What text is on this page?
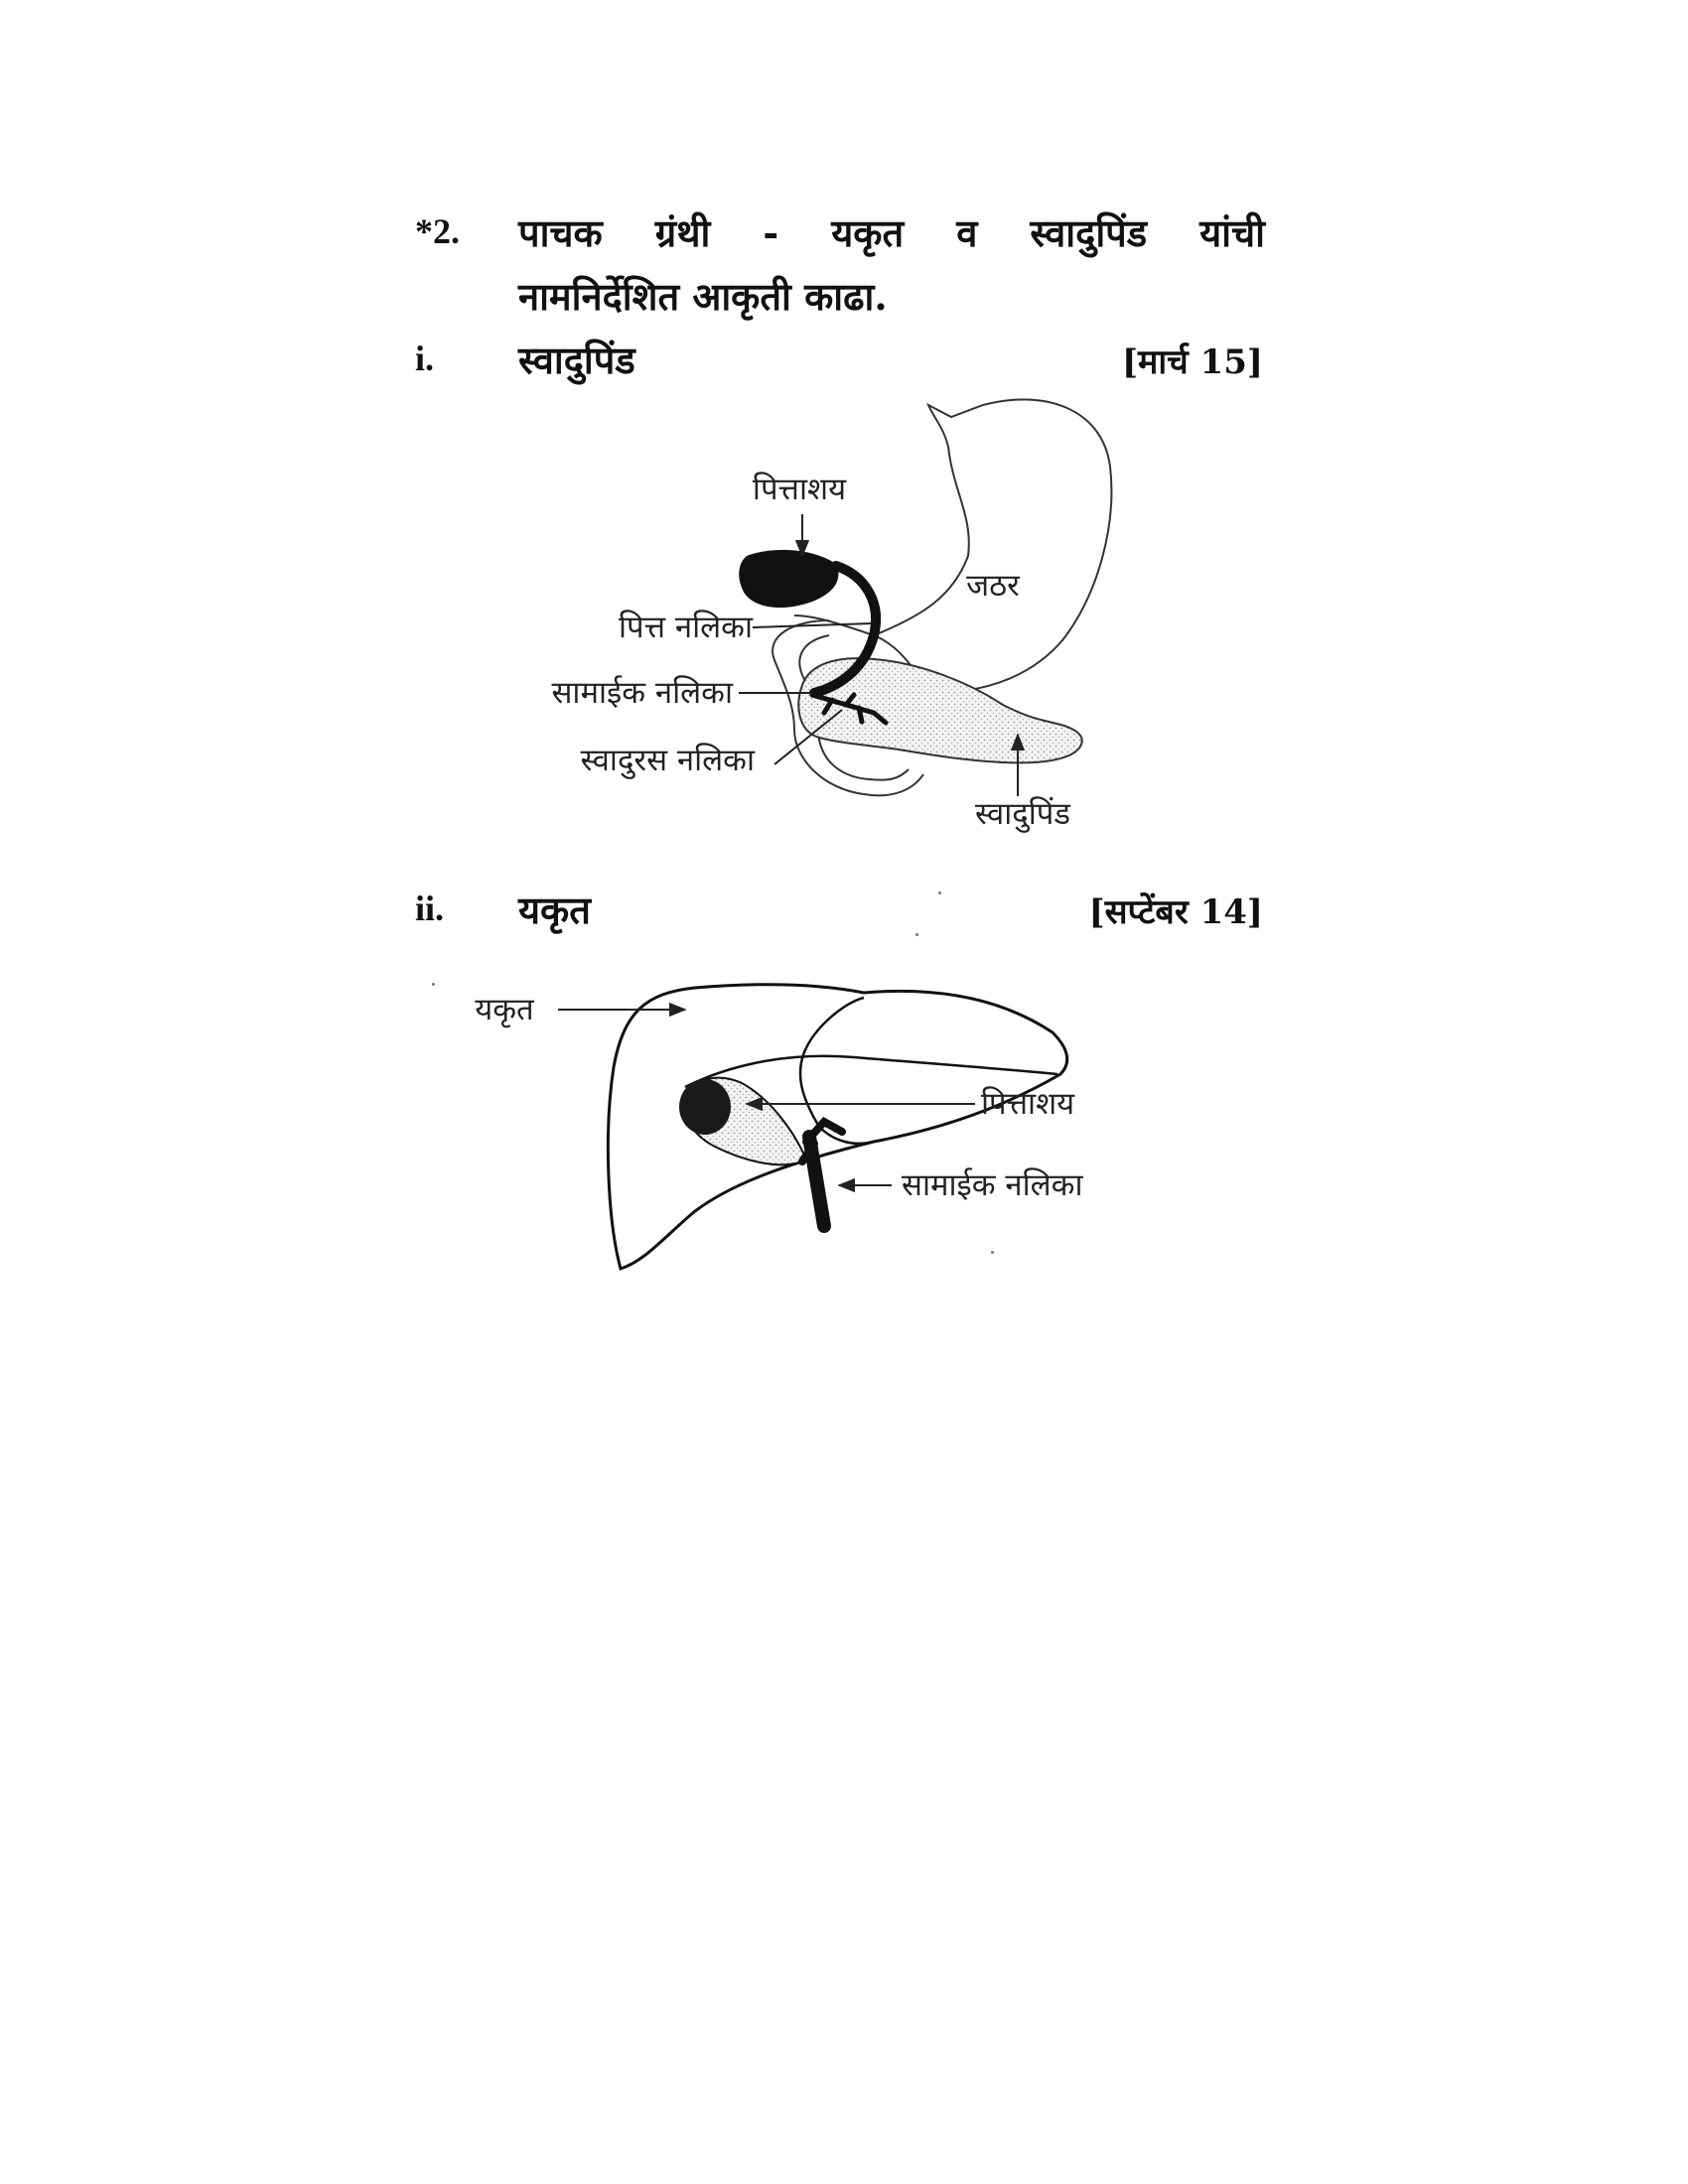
*2. पाचक ग्रंथी - यकृत व स्वादुपिंड यांची
नामनिर्देशित आकृती काढा.
i. स्वादुपिंड	[मार्च 15]
ii. यकृत	[सप्टेंबर 14]
पित्ताशय
जठर
पित्त नलिका
सामाईक नलिका
स्वादुरस नलिका
स्वादुपिंड
यकृत
पित्ताशय
सामाईक नलिका
